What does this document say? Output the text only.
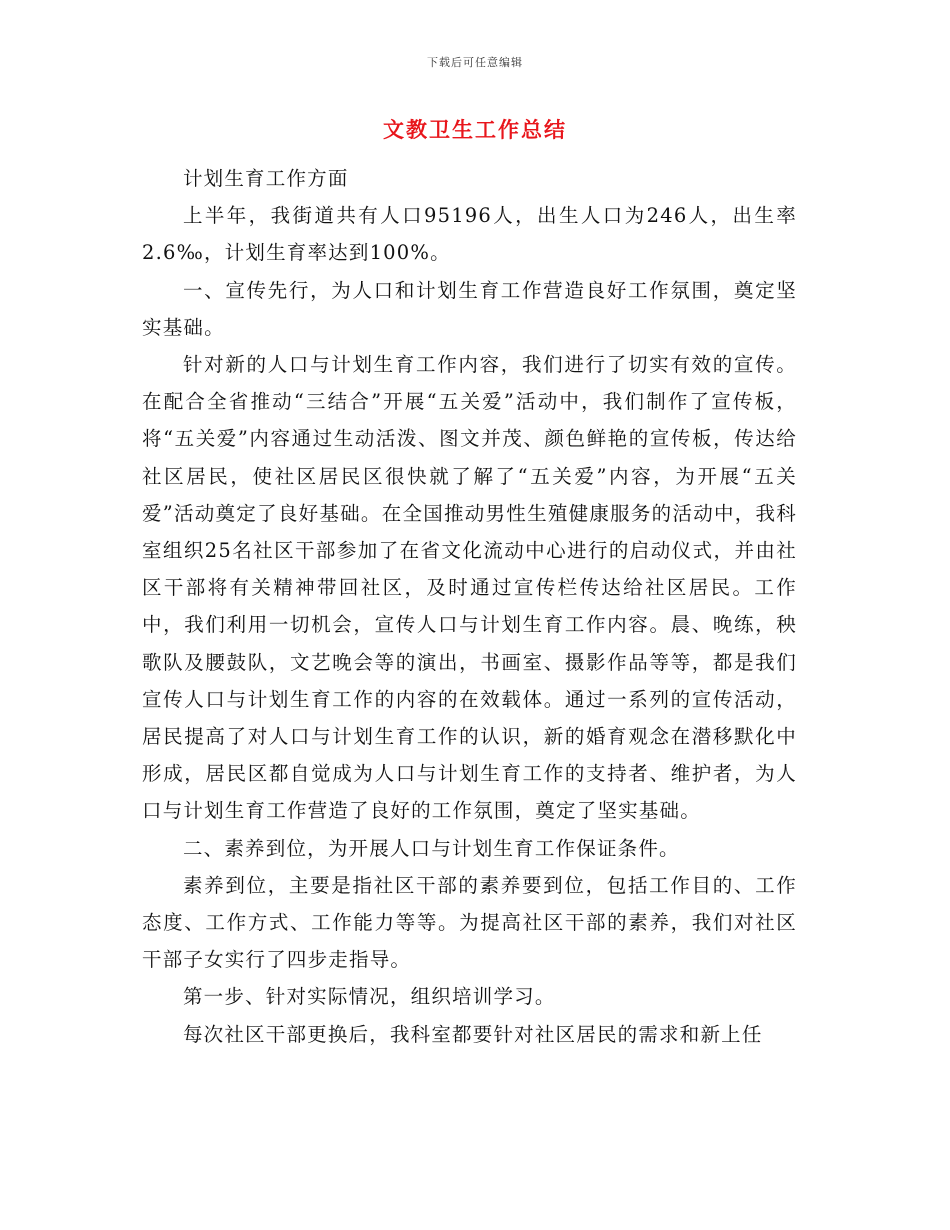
下载后可任意编辑
文教卫生工作总结

计划生育工作方面

上半年，我街道共有人口95196人，出生人口为246人，出生率2.6‰，计划生育率达到100%。

一、宣传先行，为人口和计划生育工作营造良好工作氛围，奠定坚实基础。

针对新的人口与计划生育工作内容，我们进行了切实有效的宣传。在配合全省推动“三结合”开展“五关爱”活动中，我们制作了宣传板，将“五关爱”内容通过生动活泼、图文并茂、颜色鲜艳的宣传板，传达给社区居民，使社区居民区很快就了解了“五关爱”内容，为开展“五关爱”活动奠定了良好基础。在全国推动男性生殖健康服务的活动中，我科室组织25名社区干部参加了在省文化流动中心进行的启动仪式，并由社区干部将有关精神带回社区，及时通过宣传栏传达给社区居民。工作中，我们利用一切机会，宣传人口与计划生育工作内容。晨、晚练，秧歌队及腰鼓队，文艺晚会等的演出，书画室、摄影作品等等，都是我们宣传人口与计划生育工作的内容的在效载体。通过一系列的宣传活动，居民提高了对人口与计划生育工作的认识，新的婚育观念在潜移默化中形成，居民区都自觉成为人口与计划生育工作的支持者、维护者，为人口与计划生育工作营造了良好的工作氛围，奠定了坚实基础。

二、素养到位，为开展人口与计划生育工作保证条件。

素养到位，主要是指社区干部的素养要到位，包括工作目的、工作态度、工作方式、工作能力等等。为提高社区干部的素养，我们对社区干部子女实行了四步走指导。

第一步、针对实际情况，组织培训学习。

每次社区干部更换后，我科室都要针对社区居民的需求和新上任
